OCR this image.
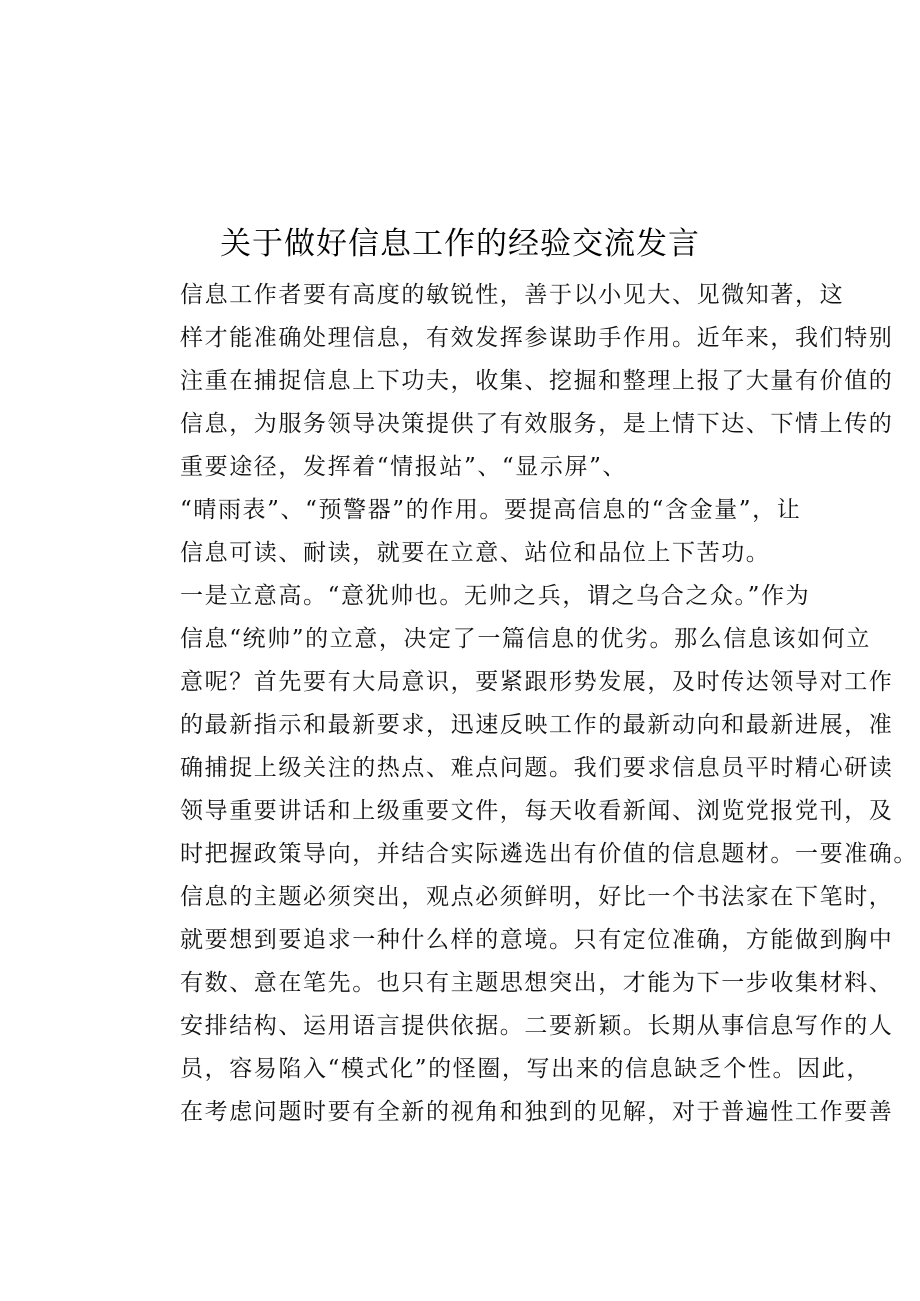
关于做好信息工作的经验交流发言
信息工作者要有高度的敏锐性，善于以小见大、见微知著，这
样才能准确处理信息，有效发挥参谋助手作用。近年来，我们特别
注重在捕捉信息上下功夫，收集、挖掘和整理上报了大量有价值的
信息，为服务领导决策提供了有效服务，是上情下达、下情上传的
重要途径，发挥着“情报站”、“显示屏”、
“晴雨表”、“预警器”的作用。要提高信息的“含金量”，让
信息可读、耐读，就要在立意、站位和品位上下苦功。
一是立意高。“意犹帅也。无帅之兵，谓之乌合之众。”作为
信息“统帅”的立意，决定了一篇信息的优劣。那么信息该如何立
意呢？首先要有大局意识，要紧跟形势发展，及时传达领导对工作
的最新指示和最新要求，迅速反映工作的最新动向和最新进展，准
确捕捉上级关注的热点、难点问题。我们要求信息员平时精心研读
领导重要讲话和上级重要文件，每天收看新闻、浏览党报党刊，及
时把握政策导向，并结合实际遴选出有价值的信息题材。一要准确。
信息的主题必须突出，观点必须鲜明，好比一个书法家在下笔时，
就要想到要追求一种什么样的意境。只有定位准确，方能做到胸中
有数、意在笔先。也只有主题思想突出，才能为下一步收集材料、
安排结构、运用语言提供依据。二要新颖。长期从事信息写作的人
员，容易陷入“模式化”的怪圈，写出来的信息缺乏个性。因此，
在考虑问题时要有全新的视角和独到的见解，对于普遍性工作要善
